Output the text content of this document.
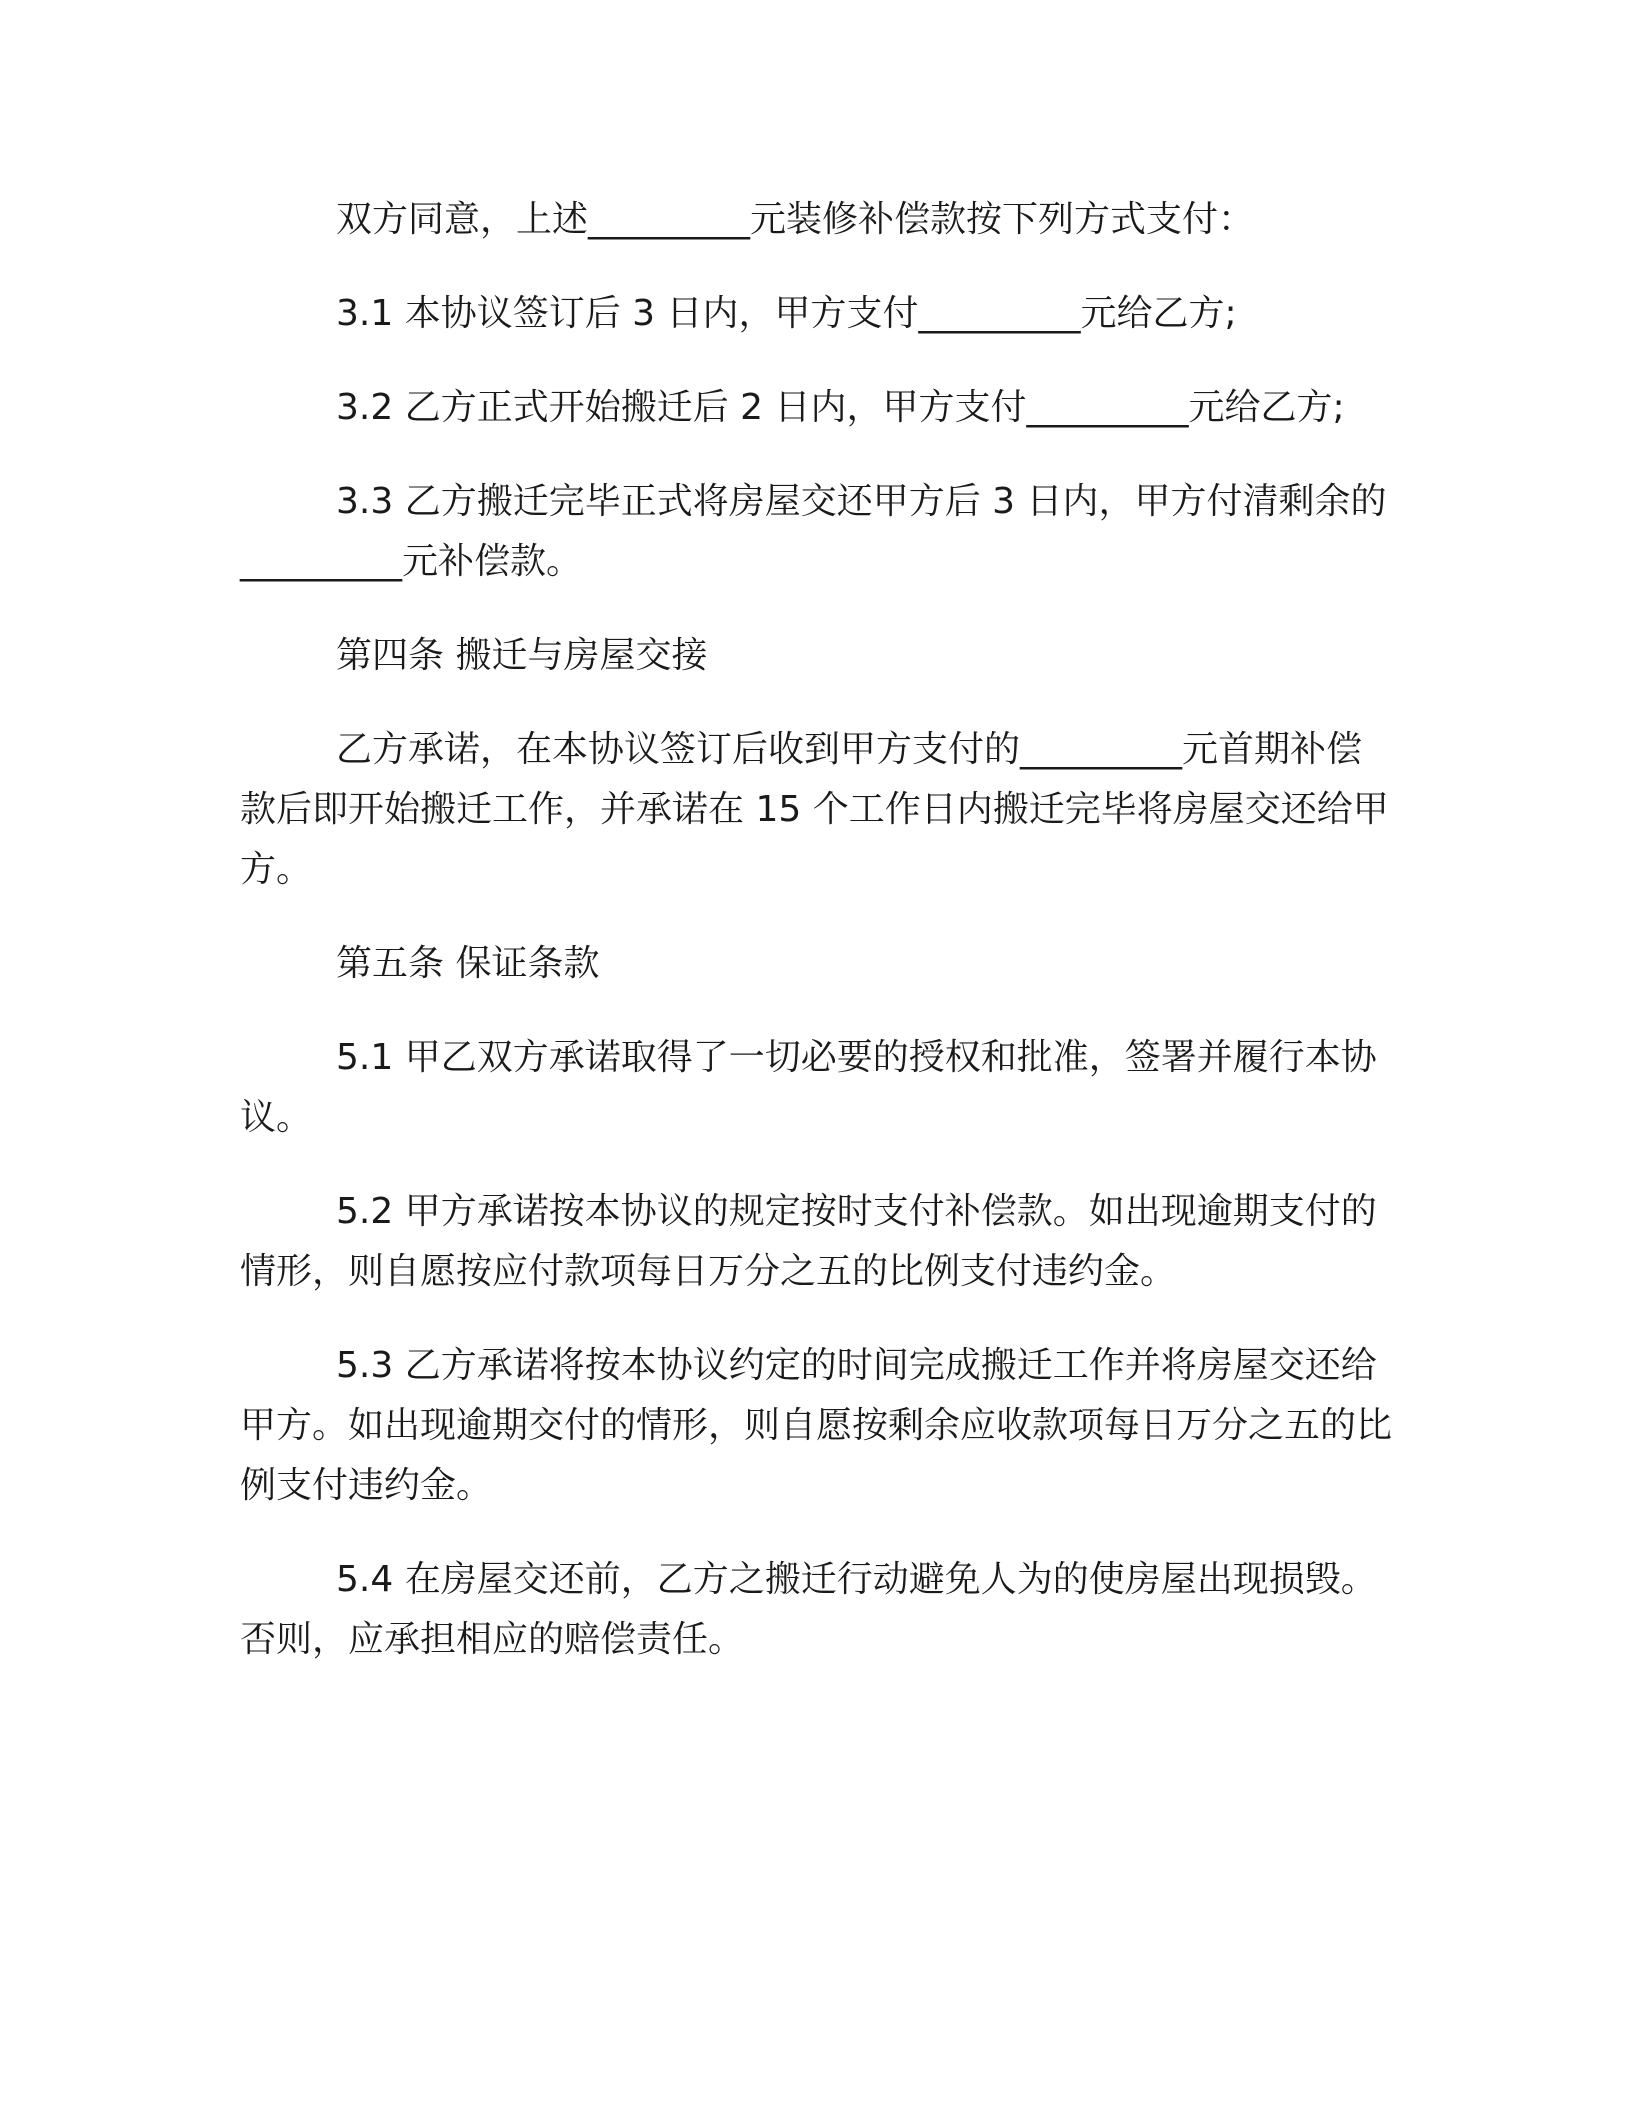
双方同意，上述_________元装修补偿款按下列方式支付：

3.1 本协议签订后 3 日内，甲方支付_________元给乙方;

3.2 乙方正式开始搬迁后 2 日内，甲方支付_________元给乙方;

3.3 乙方搬迁完毕正式将房屋交还甲方后 3 日内，甲方付清剩余的_________元补偿款。

第四条 搬迁与房屋交接

乙方承诺，在本协议签订后收到甲方支付的_________元首期补偿款后即开始搬迁工作，并承诺在 15 个工作日内搬迁完毕将房屋交还给甲方。

第五条 保证条款

5.1 甲乙双方承诺取得了一切必要的授权和批准，签署并履行本协议。

5.2 甲方承诺按本协议的规定按时支付补偿款。如出现逾期支付的情形，则自愿按应付款项每日万分之五的比例支付违约金。

5.3 乙方承诺将按本协议约定的时间完成搬迁工作并将房屋交还给甲方。如出现逾期交付的情形，则自愿按剩余应收款项每日万分之五的比例支付违约金。

5.4 在房屋交还前，乙方之搬迁行动避免人为的使房屋出现损毁。否则，应承担相应的赔偿责任。
